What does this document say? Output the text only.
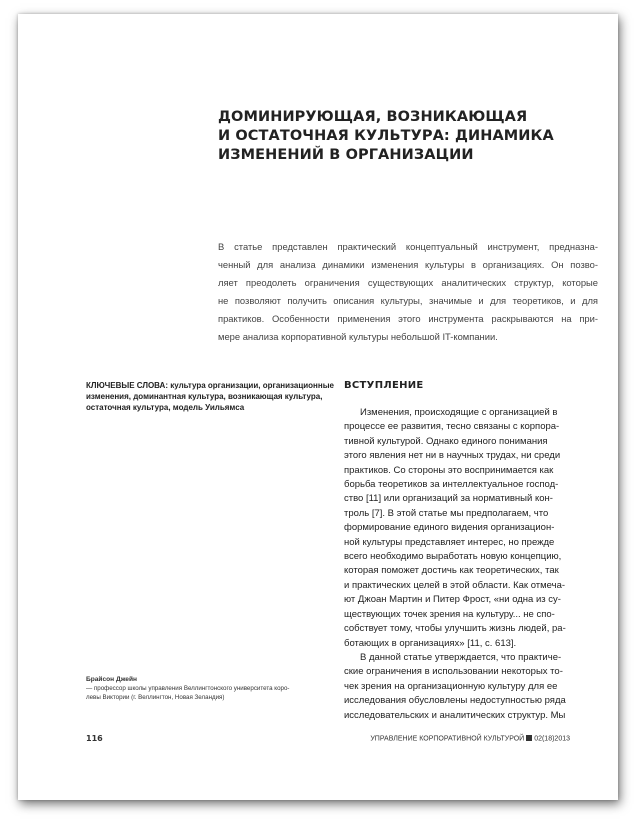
ДОМИНИРУЮЩАЯ, ВОЗНИКАЮЩАЯ
И ОСТАТОЧНАЯ КУЛЬТУРА: ДИНАМИКА
ИЗМЕНЕНИЙ В ОРГАНИЗАЦИИ
В статье представлен практический концептуальный инструмент, предназна-
ченный для анализа динамики изменения культуры в организациях. Он позво-
ляет преодолеть ограничения существующих аналитических структур, которые
не позволяют получить описания культуры, значимые и для теоретиков, и для
практиков. Особенности применения этого инструмента раскрываются на при-
мере анализа корпоративной культуры небольшой IT-компании.
КЛЮЧЕВЫЕ СЛОВА: культура организации, организационные
изменения, доминантная культура, возникающая культура,
остаточная культура, модель Уильямса
ВСТУПЛЕНИЕ
Изменения, происходящие с организацией в
процессе ее развития, тесно связаны с корпора-
тивной культурой. Однако единого понимания
этого явления нет ни в научных трудах, ни среди
практиков. Со стороны это воспринимается как
борьба теоретиков за интеллектуальное господ-
ство [11] или организаций за нормативный кон-
троль [7]. В этой статье мы предполагаем, что
формирование единого видения организацион-
ной культуры представляет интерес, но прежде
всего необходимо выработать новую концепцию,
которая поможет достичь как теоретических, так
и практических целей в этой области. Как отмеча-
ют Джоан Мартин и Питер Фрост, «ни одна из су-
ществующих точек зрения на культуру... не спо-
собствует тому, чтобы улучшить жизнь людей, ра-
ботающих в организациях» [11, с. 613].
В данной статье утверждается, что практиче-
ские ограничения в использовании некоторых то-
чек зрения на организационную культуру для ее
исследования обусловлены недоступностью ряда
исследовательских и аналитических структур. Мы
Брайсон Джейн
— профессор школы управления Веллингтонского университета коро-
левы Виктории (г. Веллингтон, Новая Зеландия)
116	УПРАВЛЕНИЕ КОРПОРАТИВНОЙ КУЛЬТУРОЙ 02(18)2013
